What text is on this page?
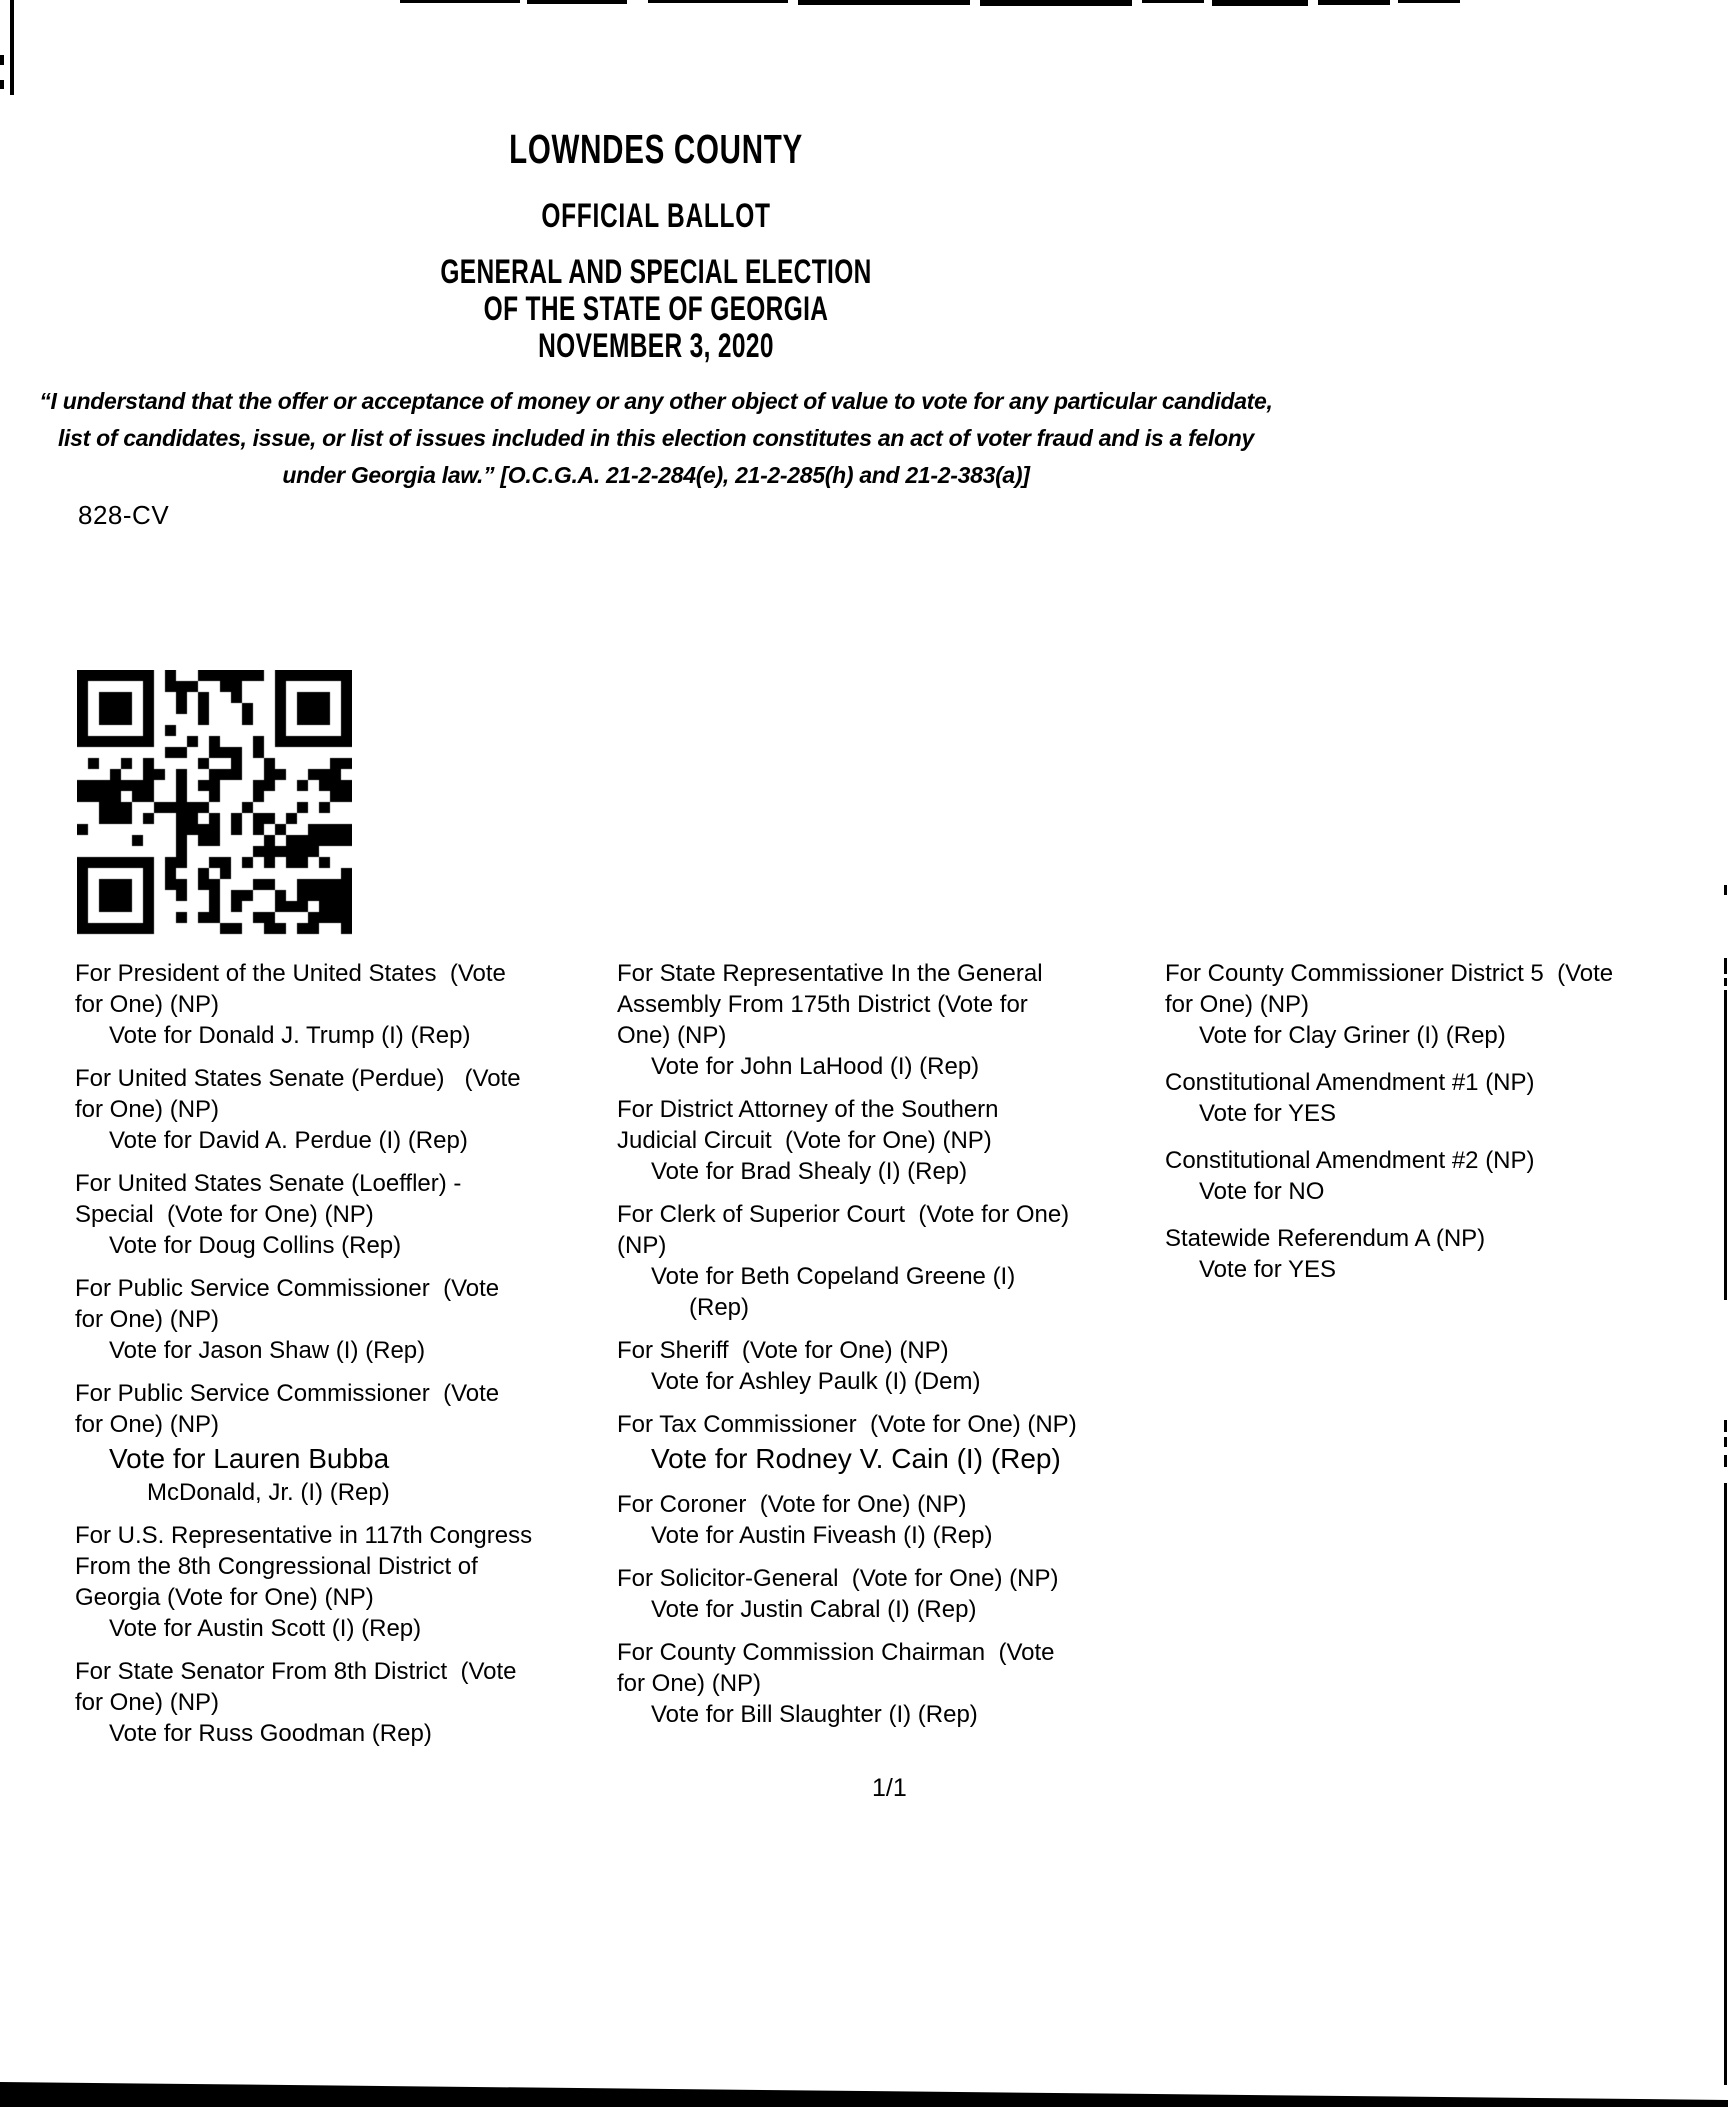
LOWNDES COUNTY
OFFICIAL BALLOT
GENERAL AND SPECIAL ELECTION
OF THE STATE OF GEORGIA
NOVEMBER 3, 2020
“I understand that the offer or acceptance of money or any other object of value to vote for any particular candidate,
list of candidates, issue, or list of issues included in this election constitutes an act of voter fraud and is a felony
under Georgia law.” [O.C.G.A. 21-2-284(e), 21-2-285(h) and 21-2-383(a)]
828-CV
For President of the United States  (Vote
for One) (NP)
Vote for Donald J. Trump (I) (Rep)
For United States Senate (Perdue)   (Vote
for One) (NP)
Vote for David A. Perdue (I) (Rep)
For United States Senate (Loeffler) -
Special  (Vote for One) (NP)
Vote for Doug Collins (Rep)
For Public Service Commissioner  (Vote
for One) (NP)
Vote for Jason Shaw (I) (Rep)
For Public Service Commissioner  (Vote
for One) (NP)
Vote for Lauren Bubba
McDonald, Jr. (I) (Rep)
For U.S. Representative in 117th Congress
From the 8th Congressional District of
Georgia (Vote for One) (NP)
Vote for Austin Scott (I) (Rep)
For State Senator From 8th District  (Vote
for One) (NP)
Vote for Russ Goodman (Rep)
For State Representative In the General
Assembly From 175th District (Vote for
One) (NP)
Vote for John LaHood (I) (Rep)
For District Attorney of the Southern
Judicial Circuit  (Vote for One) (NP)
Vote for Brad Shealy (I) (Rep)
For Clerk of Superior Court  (Vote for One)
(NP)
Vote for Beth Copeland Greene (I)
(Rep)
For Sheriff  (Vote for One) (NP)
Vote for Ashley Paulk (I) (Dem)
For Tax Commissioner  (Vote for One) (NP)
Vote for Rodney V. Cain (I) (Rep)
For Coroner  (Vote for One) (NP)
Vote for Austin Fiveash (I) (Rep)
For Solicitor-General  (Vote for One) (NP)
Vote for Justin Cabral (I) (Rep)
For County Commission Chairman  (Vote
for One) (NP)
Vote for Bill Slaughter (I) (Rep)
For County Commissioner District 5  (Vote
for One) (NP)
Vote for Clay Griner (I) (Rep)
Constitutional Amendment #1 (NP)
Vote for YES
Constitutional Amendment #2 (NP)
Vote for NO
Statewide Referendum A (NP)
Vote for YES
1/1
